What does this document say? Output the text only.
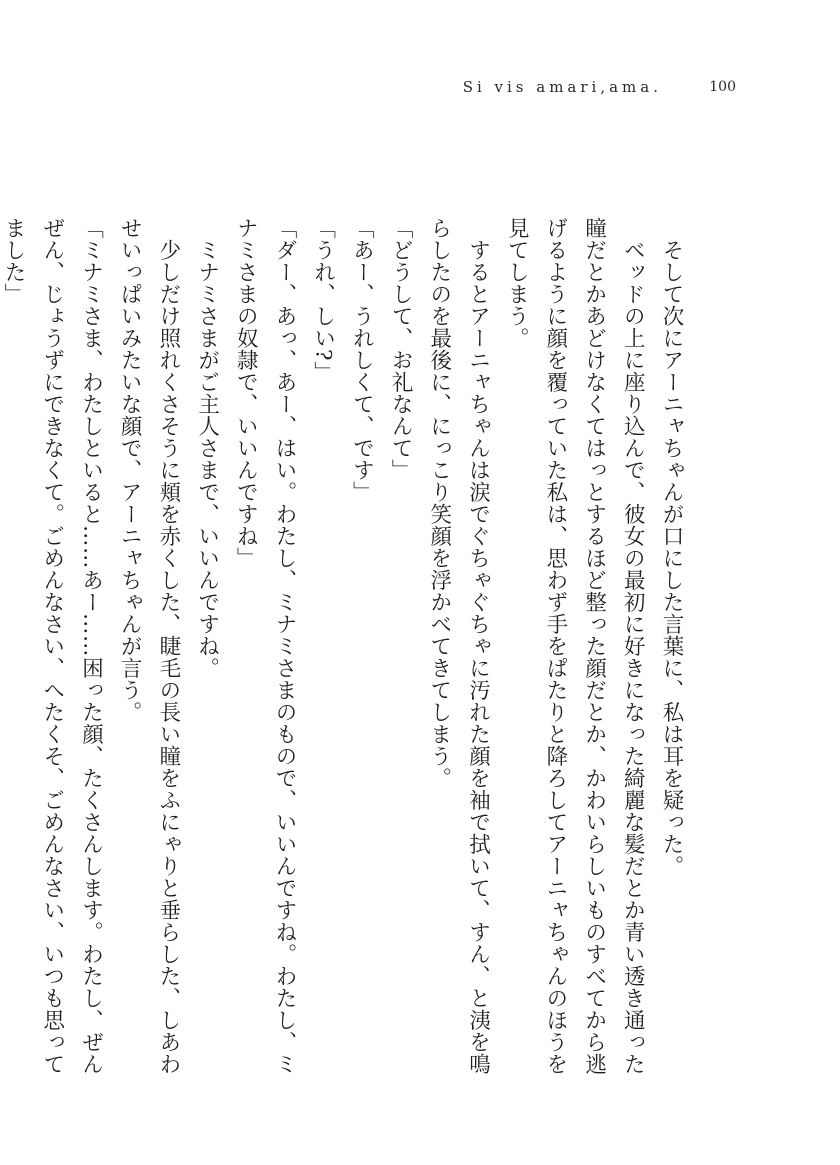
Si vis amari,ama.	100

そして次にアーニャちゃんが口にした言葉に、私は耳を疑った。

ベッドの上に座り込んで、彼女の最初に好きになった綺麗な髪だとか青い透き通った瞳だとかあどけなくてはっとするほど整った顔だとか、かわいらしいものすべてから逃げるように顔を覆っていた私は、思わず手をぱたりと降ろしてアーニャちゃんのほうを見てしまう。

するとアーニャちゃんは涙でぐちゃぐちゃに汚れた顔を袖で拭いて、すん、と洟を鳴らしたのを最後に、にっこり笑顔を浮かべてきてしまう。

「どうして、お礼なんて」

「あー、うれしくて、です」

「うれ、しい?」

「ダー、あっ、あー、はい。わたし、ミナミさまのもので、いいんですね。わたし、ミナミさまの奴隷で、いいんですね」

ミナミさまがご主人さまで、いいんですね。

少しだけ照れくさそうに頬を赤くした、睫毛の長い瞳をふにゃりと垂らした、しあわせいっぱいみたいな顔で、アーニャちゃんが言う。

「ミナミさま、わたしといると……あー……困った顔、たくさんします。わたし、ぜんぜん、じょうずにできなくて。ごめんなさい、へたくそ、ごめんなさい、いつも思ってました」
